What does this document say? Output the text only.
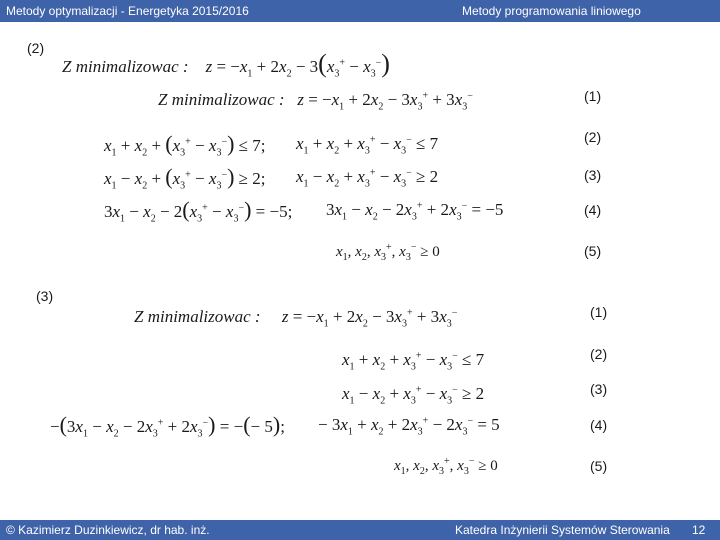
Metody optymalizacji - Energetyka 2015/2016	Metody programowania liniowego
(2)
Z minimalizowac : $z = -x_1 + 2x_2 - 3(x_3^+ - x_3^-)$
Z minimalizowac : $z = -x_1 + 2x_2 - 3x_3^+ + 3x_3^-$
$x_1 + x_2 + (x_3^+ - x_3^-) \le 7$; $x_1 + x_2 + x_3^+ - x_3^- \le 7$
$x_1 - x_2 + (x_3^+ - x_3^-) \ge 2$; $x_1 - x_2 + x_3^+ - x_3^- \ge 2$
$3x_1 - x_2 - 2(x_3^+ - x_3^-) = -5$; $3x_1 - x_2 - 2x_3^+ + 2x_3^- = -5$
$x_1$, $x_2$, $x_3^+$, $x_3^- \ge 0$
(1)
(2)
(3)
(4)
(5)
(3)
Z minimalizowac : $z = -x_1 + 2x_2 - 3x_3^+ + 3x_3^-$
$x_1 + x_2 + x_3^+ - x_3^- \le 7$
$x_1 - x_2 + x_3^+ - x_3^- \ge 2$
$-(3x_1 - x_2 - 2x_3^+ + 2x_3^-)$ = −(− 5); − $3x_1 + x_2 + 2x_3^+ - 2x_3^- = 5$
$x_1$, $x_2$, $x_3^+$, $x_3^- \ge 0$
(1)
(2)
(3)
(4)
(5)
© Kazimierz Duzinkiewicz, dr hab. inż.	Katedra Inżynierii Systemów Sterowania 12
